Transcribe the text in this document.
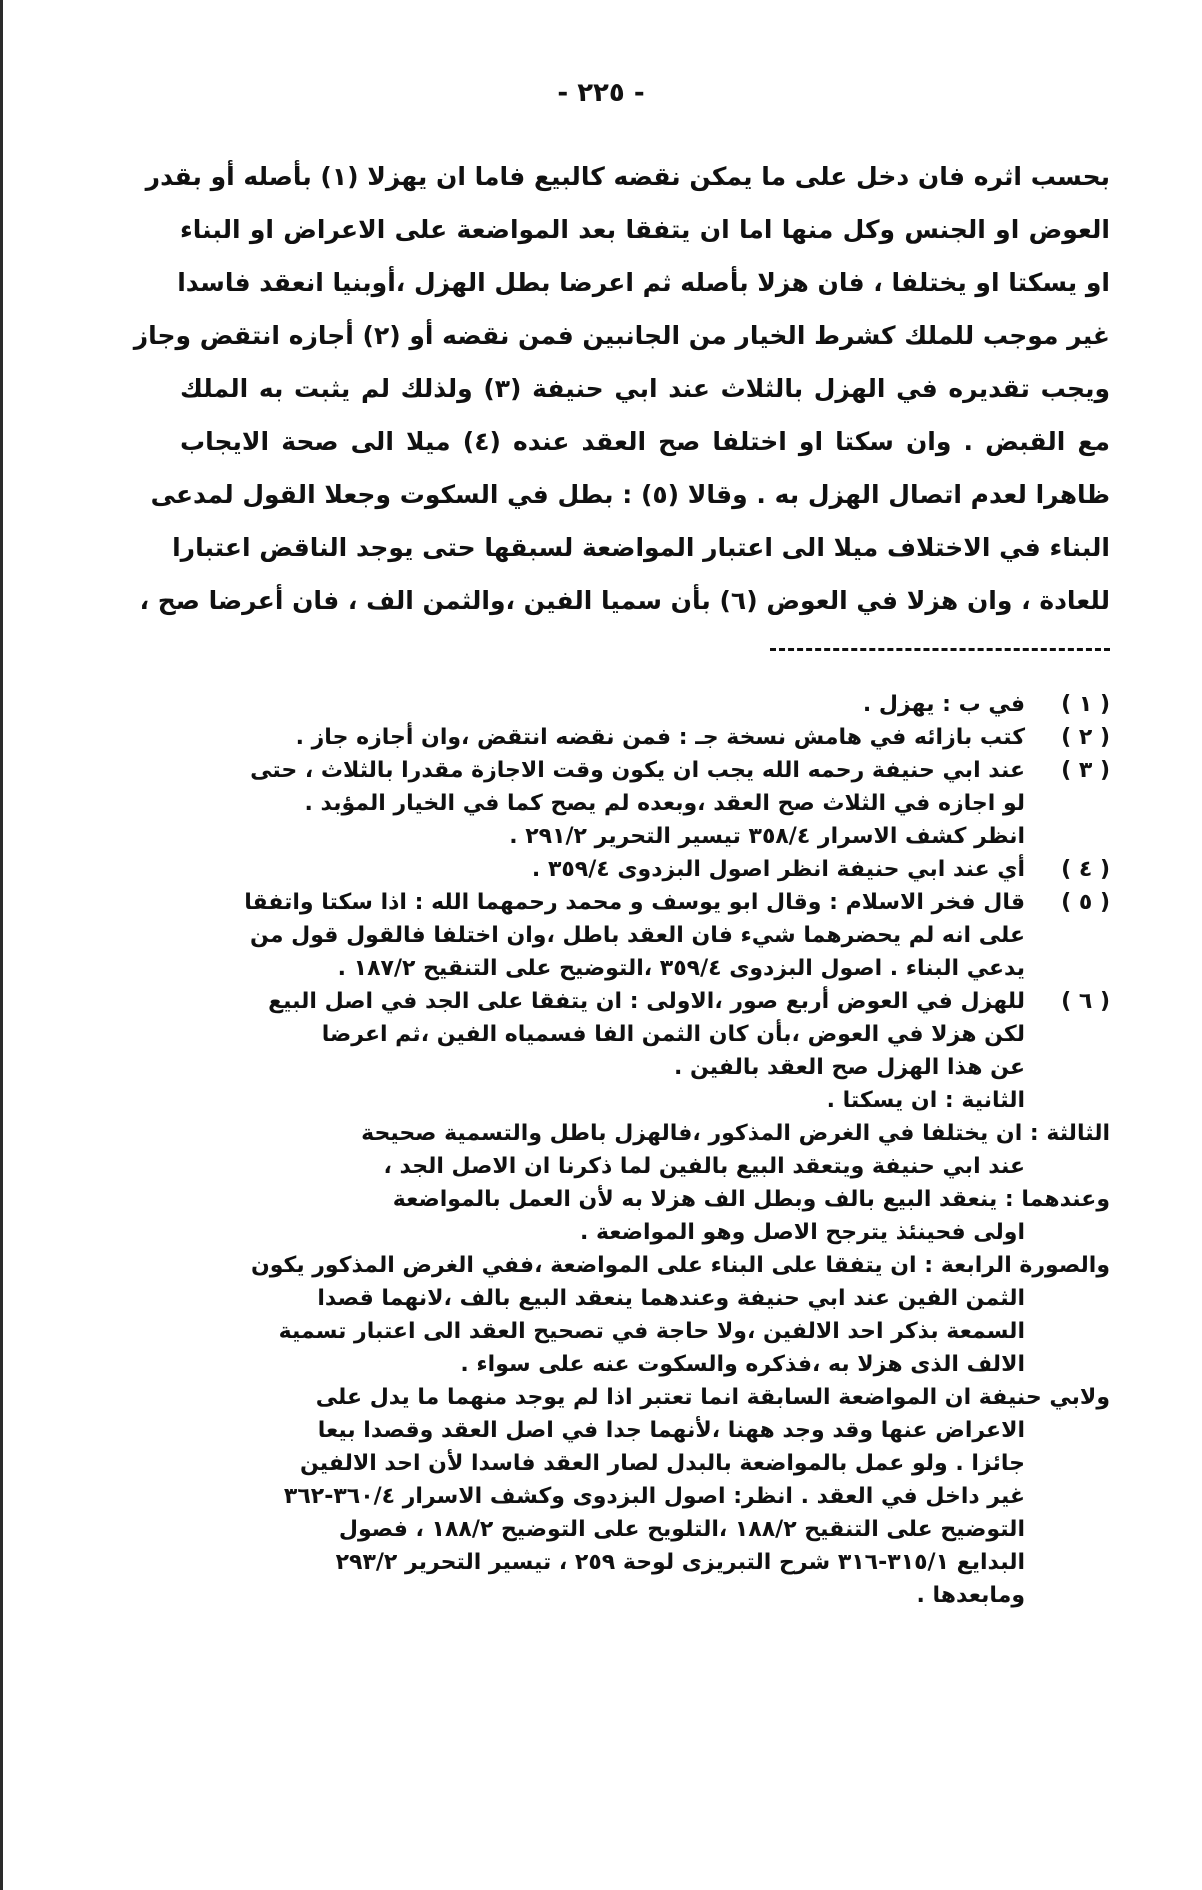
- ٢٢٥ -
بحسب اثره فان دخل على ما يمكن نقضه كالبيع فاما ان يهزلا (١) بأصله أو بقدر
العوض او الجنس وكل منها اما ان يتفقا بعد المواضعة على الاعراض او البناء
او يسكتا او يختلفا ، فان هزلا بأصله ثم اعرضا بطل الهزل ،أوبنيا انعقد فاسدا
غير موجب للملك كشرط الخيار من الجانبين فمن نقضه أو (٢) أجازه انتقض وجاز
ويجب تقديره في الهزل بالثلاث عند ابي حنيفة (٣) ولذلك لم يثبت به الملك
مع القبض . وان سكتا او اختلفا صح العقد عنده (٤) ميلا الى صحة الايجاب
ظاهرا لعدم اتصال الهزل به . وقالا (٥) : بطل في السكوت وجعلا القول لمدعى
البناء في الاختلاف ميلا الى اعتبار المواضعة لسبقها حتى يوجد الناقض اعتبارا
للعادة ، وان هزلا في العوض (٦) بأن سميا الفين ،والثمن الف ، فان أعرضا صح ،
( ١ )
في ب : يهزل .
( ٢ )
كتب بازائه في هامش نسخة جـ : فمن نقضه انتقض ،وان أجازه جاز .
( ٣ )
عند ابي حنيفة رحمه الله يجب ان يكون وقت الاجازة مقدرا بالثلاث ، حتى
لو اجازه في الثلاث صح العقد ،وبعده لم يصح كما في الخيار المؤبد .
انظر كشف الاسرار ٣٥٨/٤ تيسير التحرير ٢٩١/٢ .
( ٤ )
أي عند ابي حنيفة انظر اصول البزدوى ٣٥٩/٤ .
( ٥ )
قال فخر الاسلام : وقال ابو يوسف و محمد رحمهما الله : اذا سكتا واتفقا
على انه لم يحضرهما شيء فان العقد باطل ،وان اختلفا فالقول قول من
يدعي البناء . اصول البزدوى ٣٥٩/٤ ،التوضيح على التنقيح ١٨٧/٢ .
( ٦ )
للهزل في العوض أربع صور ،الاولى : ان يتفقا على الجد في اصل البيع
لكن هزلا في العوض ،بأن كان الثمن الفا فسمياه الفين ،ثم اعرضا
عن هذا الهزل صح العقد بالفين .
الثانية : ان يسكتا .
الثالثة : ان يختلفا في الغرض المذكور ،فالهزل باطل والتسمية صحيحة
عند ابي حنيفة ويتعقد البيع بالفين لما ذكرنا ان الاصل الجد ،
وعندهما : ينعقد البيع بالف وبطل الف هزلا به لأن العمل بالمواضعة
اولى فحينئذ يترجح الاصل وهو المواضعة .
والصورة الرابعة : ان يتفقا على البناء على المواضعة ،ففي الغرض المذكور يكون
الثمن الفين عند ابي حنيفة وعندهما ينعقد البيع بالف ،لانهما قصدا
السمعة بذكر احد الالفين ،ولا حاجة في تصحيح العقد الى اعتبار تسمية
الالف الذى هزلا به ،فذكره والسكوت عنه على سواء .
ولابي حنيفة ان المواضعة السابقة انما تعتبر اذا لم يوجد منهما ما يدل على
الاعراض عنها وقد وجد ههنا ،لأنهما جدا في اصل العقد وقصدا بيعا
جائزا . ولو عمل بالمواضعة بالبدل لصار العقد فاسدا لأن احد الالفين
غير داخل في العقد . انظر: اصول البزدوى وكشف الاسرار ٣٦٠/٤-٣٦٢
التوضيح على التنقيح ١٨٨/٢ ،التلويح على التوضيح ١٨٨/٢ ، فصول
البدايع ٣١٥/١-٣١٦ شرح التبريزى لوحة ٢٥٩ ، تيسير التحرير ٢٩٣/٢
ومابعدها .
